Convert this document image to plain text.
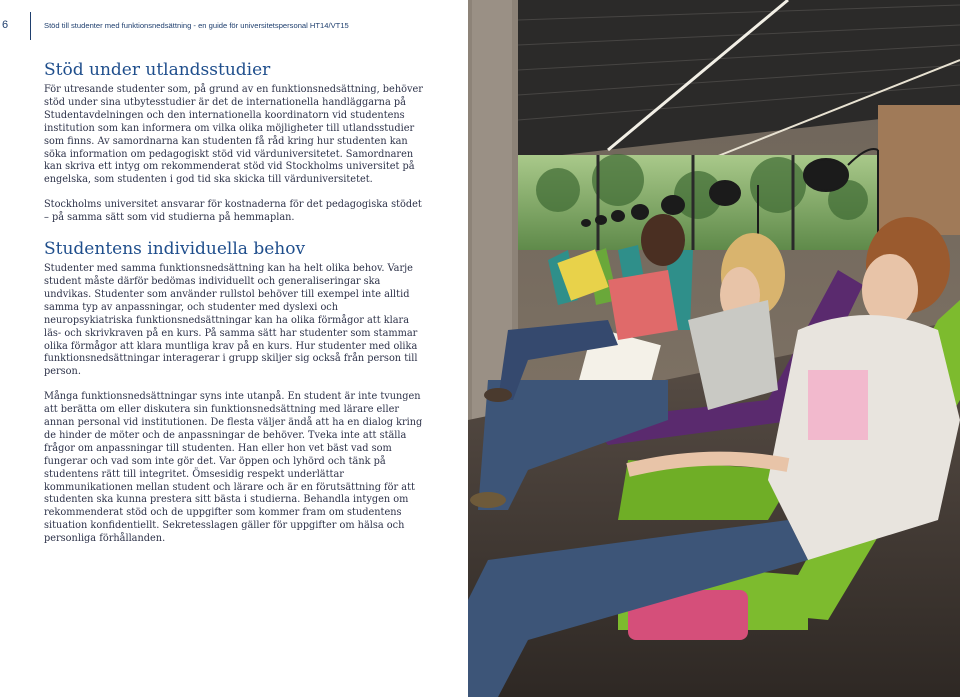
6	Stöd till studenter med funktionsnedsättning - en guide för universitetspersonal HT14/VT15
Stöd under utlandsstudier

För utresande studenter som, på grund av en funktionsnedsättning, behöver stöd under sina utbytesstudier är det de internationella handläggarna på Studentavdelningen och den internationella koordinatorn vid studentens institution som kan informera om vilka olika möjligheter till utlandsstudier som finns. Av samordnarna kan studenten få råd kring hur studenten kan söka information om pedagogiskt stöd vid värduniversitetet. Samordnaren kan skriva ett intyg om rekommenderat stöd vid Stockholms universitet på engelska, som studenten i god tid ska skicka till värduniversitetet.

Stockholms universitet ansvarar för kostnaderna för det pedagogiska stödet – på samma sätt som vid studierna på hemmaplan.

Studentens individuella behov

Studenter med samma funktionsnedsättning kan ha helt olika behov. Varje student måste därför bedömas individuellt och generaliseringar ska undvikas. Studenter som använder rullstol behöver till exempel inte alltid samma typ av anpassningar, och studenter med dyslexi och neuropsykiatriska funktionsnedsättningar kan ha olika förmågor att klara läs- och skrivkraven på en kurs. På samma sätt har studenter som stammar olika förmågor att klara muntliga krav på en kurs. Hur studenter med olika funktionsnedsättningar interagerar i grupp skiljer sig också från person till person.

Många funktionsnedsättningar syns inte utanpå. En student är inte tvungen att berätta om eller diskutera sin funktionsnedsättning med lärare eller annan personal vid institutionen. De flesta väljer ändå att ha en dialog kring de hinder de möter och de anpassningar de behöver. Tveka inte att ställa frågor om anpassningar till studenten. Han eller hon vet bäst vad som fungerar och vad som inte gör det. Var öppen och lyhörd och tänk på studentens rätt till integritet. Ömsesidig respekt underlättar kommunikationen mellan student och lärare och är en förutsättning för att studenten ska kunna prestera sitt bästa i studierna. Behandla intygen om rekommenderat stöd och de uppgifter som kommer fram om studentens situation konfidentiellt. Sekretesslagen gäller för uppgifter om hälsa och personliga förhållanden.
